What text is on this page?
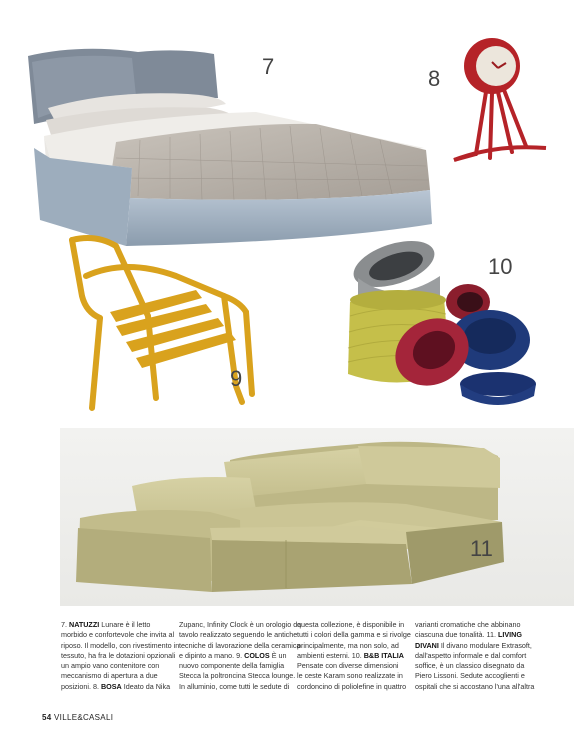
7	8
9
10
11
7. NATUZZI Lunare è il letto
morbido e confortevole che invita al
riposo. Il modello, con rivestimento in
tessuto, ha fra le dotazioni opzionali
un ampio vano contenitore con
meccanismo di apertura a due
posizioni. 8. BOSA Ideato da Nika
Zupanc, Infinity Clock è un orologio da
tavolo realizzato seguendo le antiche
tecniche di lavorazione della ceramica
e dipinto a mano. 9. COLOS È un
nuovo componente della famiglia
Stecca la poltroncina Stecca lounge.
In alluminio, come tutti le sedute di
questa collezione, è disponibile in
tutti i colori della gamma e si rivolge
principalmente, ma non solo, ad
ambienti esterni. 10. B&B ITALIA
Pensate con diverse dimensioni
le ceste Karam sono realizzate in
cordoncino di poliolefine in quattro
varianti cromatiche che abbinano
ciascuna due tonalità. 11. LIVING
DIVANI Il divano modulare Extrasoft,
dall'aspetto informale e dal comfort
soffice, è un classico disegnato da
Piero Lissoni. Sedute accoglienti e
ospitali che si accostano l'una all'altra
54 VILLE&CASALI
